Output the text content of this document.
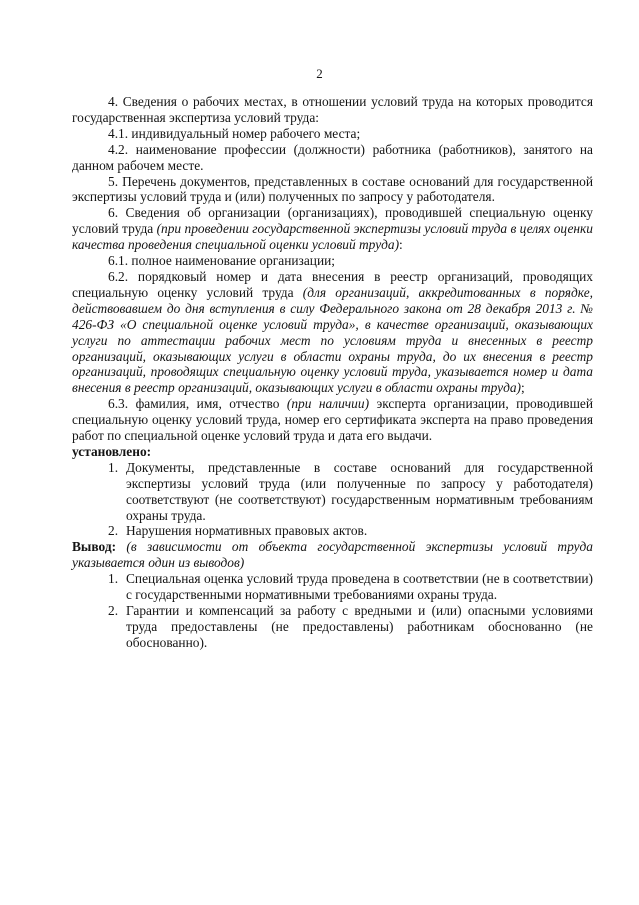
2

4. Сведения о рабочих местах, в отношении условий труда на которых проводится государственная экспертиза условий труда:

4.1. индивидуальный номер рабочего места;

4.2. наименование профессии (должности) работника (работников), занятого на данном рабочем месте.

5. Перечень документов, представленных в составе оснований для государственной экспертизы условий труда и (или) полученных по запросу у работодателя.

6. Сведения об организации (организациях), проводившей специальную оценку условий труда (при проведении государственной экспертизы условий труда в целях оценки качества проведения специальной оценки условий труда):

6.1. полное наименование организации;

6.2. порядковый номер и дата внесения в реестр организаций, проводящих специальную оценку условий труда (для организаций, аккредитованных в порядке, действовавшем до дня вступления в силу Федерального закона от 28 декабря 2013 г. № 426-ФЗ «О специальной оценке условий труда», в качестве организаций, оказывающих услуги по аттестации рабочих мест по условиям труда и внесенных в реестр организаций, оказывающих услуги в области охраны труда, до их внесения в реестр организаций, проводящих специальную оценку условий труда, указывается номер и дата внесения в реестр организаций, оказывающих услуги в области охраны труда);

6.3. фамилия, имя, отчество (при наличии) эксперта организации, проводившей специальную оценку условий труда, номер его сертификата эксперта на право проведения работ по специальной оценке условий труда и дата его выдачи.

установлено:

1. Документы, представленные в составе оснований для государственной экспертизы условий труда (или полученные по запросу у работодателя) соответствуют (не соответствуют) государственным нормативным требованиям охраны труда.
2. Нарушения нормативных правовых актов.

Вывод: (в зависимости от объекта государственной экспертизы условий труда указывается один из выводов)

1. Специальная оценка условий труда проведена в соответствии (не в соответствии) с государственными нормативными требованиями охраны труда.
2. Гарантии и компенсаций за работу с вредными и (или) опасными условиями труда предоставлены (не предоставлены) работникам обоснованно (не обоснованно).
